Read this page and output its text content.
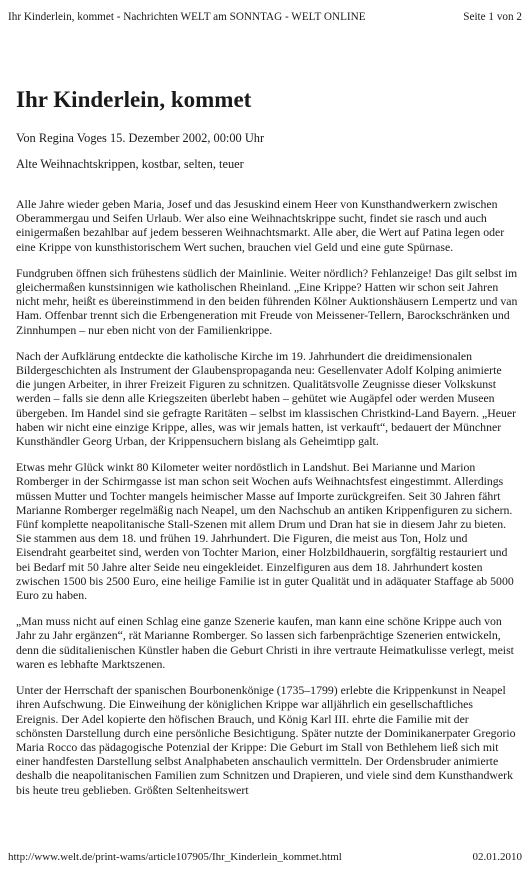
Ihr Kinderlein, kommet - Nachrichten WELT am SONNTAG - WELT ONLINE	Seite 1 von 2
Ihr Kinderlein, kommet
Von Regina Voges 15. Dezember 2002, 00:00 Uhr
Alte Weihnachtskrippen, kostbar, selten, teuer

Alle Jahre wieder geben Maria, Josef und das Jesuskind einem Heer von Kunsthandwerkern zwischen Oberammergau und Seifen Urlaub. Wer also eine Weihnachtskrippe sucht, findet sie rasch und auch einigermaßen bezahlbar auf jedem besseren Weihnachtsmarkt. Alle aber, die Wert auf Patina legen oder eine Krippe von kunsthistorischem Wert suchen, brauchen viel Geld und eine gute Spürnase.

Fundgruben öffnen sich frühestens südlich der Mainlinie. Weiter nördlich? Fehlanzeige! Das gilt selbst im gleichermaßen kunstsinnigen wie katholischen Rheinland. „Eine Krippe? Hatten wir schon seit Jahren nicht mehr, heißt es übereinstimmend in den beiden führenden Kölner Auktionshäusern Lempertz und van Ham. Offenbar trennt sich die Erbengeneration mit Freude von Meissener-Tellern, Barockschränken und Zinnhumpen – nur eben nicht von der Familienkrippe.

Nach der Aufklärung entdeckte die katholische Kirche im 19. Jahrhundert die dreidimensionalen Bildergeschichten als Instrument der Glaubenspropaganda neu: Gesellenvater Adolf Kolping animierte die jungen Arbeiter, in ihrer Freizeit Figuren zu schnitzen. Qualitätsvolle Zeugnisse dieser Volkskunst werden – falls sie denn alle Kriegszeiten überlebt haben – gehütet wie Augäpfel oder werden Museen übergeben. Im Handel sind sie gefragte Raritäten – selbst im klassischen Christkind-Land Bayern. „Heuer haben wir nicht eine einzige Krippe, alles, was wir jemals hatten, ist verkauft“, bedauert der Münchner Kunsthändler Georg Urban, der Krippensuchern bislang als Geheimtipp galt.

Etwas mehr Glück winkt 80 Kilometer weiter nordöstlich in Landshut. Bei Marianne und Marion Romberger in der Schirmgasse ist man schon seit Wochen aufs Weihnachtsfest eingestimmt. Allerdings müssen Mutter und Tochter mangels heimischer Masse auf Importe zurückgreifen. Seit 30 Jahren fährt Marianne Romberger regelmäßig nach Neapel, um den Nachschub an antiken Krippenfiguren zu sichern. Fünf komplette neapolitanische Stall-Szenen mit allem Drum und Dran hat sie in diesem Jahr zu bieten. Sie stammen aus dem 18. und frühen 19. Jahrhundert. Die Figuren, die meist aus Ton, Holz und Eisendraht gearbeitet sind, werden von Tochter Marion, einer Holzbildhauerin, sorgfältig restauriert und bei Bedarf mit 50 Jahre alter Seide neu eingekleidet. Einzelfiguren aus dem 18. Jahrhundert kosten zwischen 1500 bis 2500 Euro, eine heilige Familie ist in guter Qualität und in adäquater Staffage ab 5000 Euro zu haben.

„Man muss nicht auf einen Schlag eine ganze Szenerie kaufen, man kann eine schöne Krippe auch von Jahr zu Jahr ergänzen“, rät Marianne Romberger. So lassen sich farbenprächtige Szenerien entwickeln, denn die süditalienischen Künstler haben die Geburt Christi in ihre vertraute Heimatkulisse verlegt, meist waren es lebhafte Marktszenen.

Unter der Herrschaft der spanischen Bourbonenkönige (1735–1799) erlebte die Krippenkunst in Neapel ihren Aufschwung. Die Einweihung der königlichen Krippe war alljährlich ein gesellschaftliches Ereignis. Der Adel kopierte den höfischen Brauch, und König Karl III. ehrte die Familie mit der schönsten Darstellung durch eine persönliche Besichtigung. Später nutzte der Dominikanerpater Gregorio Maria Rocco das pädagogische Potenzial der Krippe: Die Geburt im Stall von Bethlehem ließ sich mit einer handfesten Darstellung selbst Analphabeten anschaulich vermitteln. Der Ordensbruder animierte deshalb die neapolitanischen Familien zum Schnitzen und Drapieren, und viele sind dem Kunsthandwerk bis heute treu geblieben. Größten Seltenheitswert

http://www.welt.de/print-wams/article107905/Ihr_Kinderlein_kommet.html	02.01.2010
